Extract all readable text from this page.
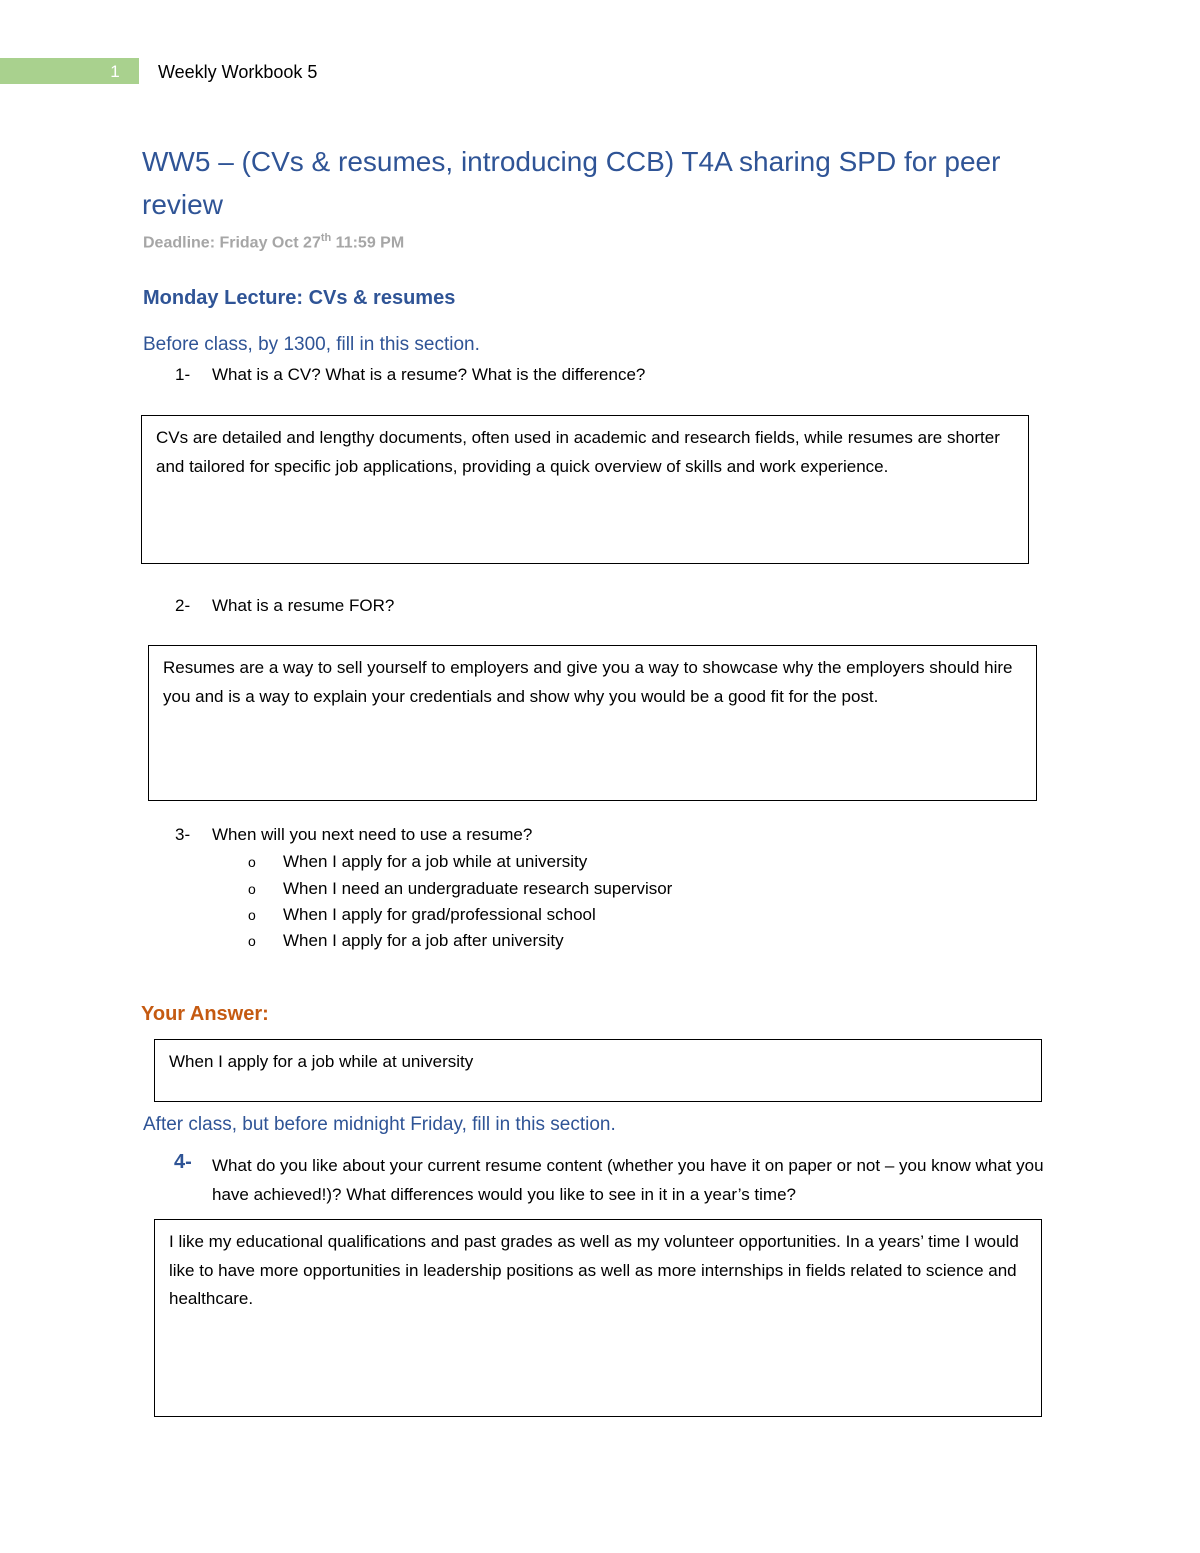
1	Weekly Workbook 5
WW5 – (CVs & resumes, introducing CCB) T4A sharing SPD for peer review
Deadline: Friday Oct 27th 11:59 PM
Monday Lecture: CVs & resumes
Before class, by 1300, fill in this section.
1- What is a CV? What is a resume? What is the difference?
CVs are detailed and lengthy documents, often used in academic and research fields, while resumes are shorter and tailored for specific job applications, providing a quick overview of skills and work experience.
2- What is a resume FOR?
Resumes are a way to sell yourself to employers and give you a way to showcase why the employers should hire you and is a way to explain your credentials and show why you would be a good fit for the post.
3- When will you next need to use a resume?
o When I apply for a job while at university
o When I need an undergraduate research supervisor
o When I apply for grad/professional school
o When I apply for a job after university
Your Answer:
When I apply for a job while at university
After class, but before midnight Friday, fill in this section.
4- What do you like about your current resume content (whether you have it on paper or not – you know what you have achieved!)? What differences would you like to see in it in a year’s time?
I like my educational qualifications and past grades as well as my volunteer opportunities. In a years’ time I would like to have more opportunities in leadership positions as well as more internships in fields related to science and healthcare.
